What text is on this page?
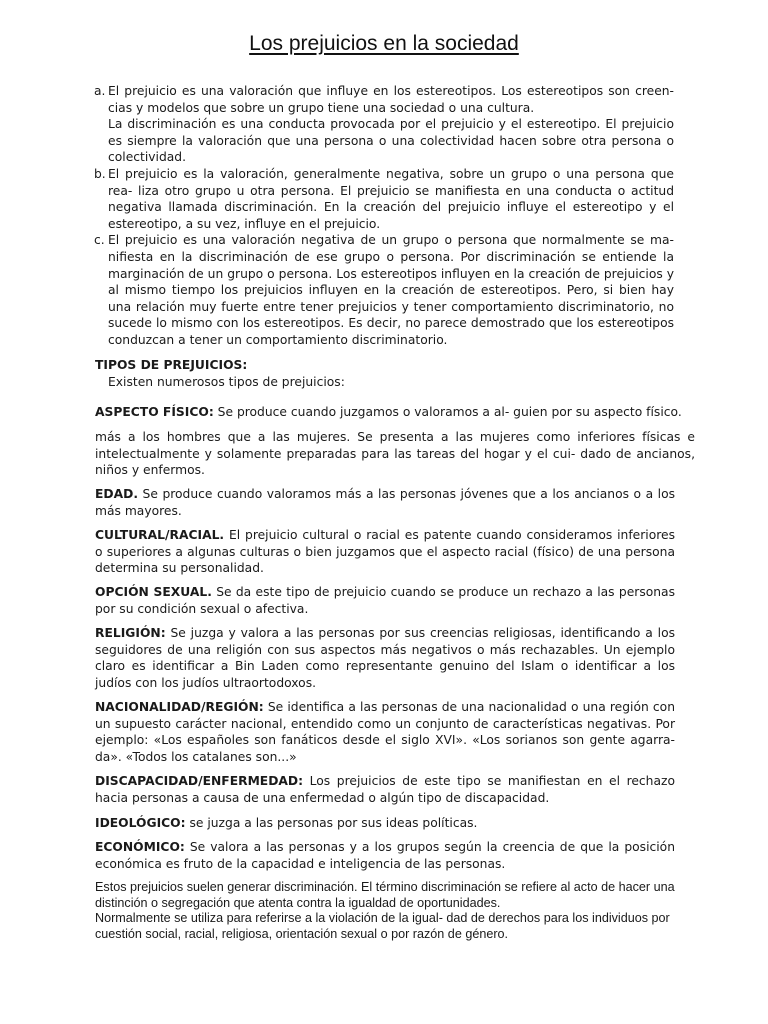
Los prejuicios en la sociedad
a. El prejuicio es una valoración que influye en los estereotipos. Los estereotipos son creen- cias y modelos que sobre un grupo tiene una sociedad o una cultura.

La discriminación es una conducta provocada por el prejuicio y el estereotipo. El prejuicio es siempre la valoración que una persona o una colectividad hacen sobre otra persona o colectividad.

b. El prejuicio es la valoración, generalmente negativa, sobre un grupo o una persona que rea- liza otro grupo u otra persona. El prejuicio se manifiesta en una conducta o actitud negativa llamada discriminación. En la creación del prejuicio influye el estereotipo y el estereotipo, a su vez, influye en el prejuicio.

c. El prejuicio es una valoración negativa de un grupo o persona que normalmente se ma- nifiesta en la discriminación de ese grupo o persona. Por discriminación se entiende la marginación de un grupo o persona. Los estereotipos influyen en la creación de prejuicios y al mismo tiempo los prejuicios influyen en la creación de estereotipos. Pero, si bien hay una relación muy fuerte entre tener prejuicios y tener comportamiento discriminatorio, no sucede lo mismo con los estereotipos. Es decir, no parece demostrado que los estereotipos conduzcan a tener un comportamiento discriminatorio.

TIPOS DE PREJUICIOS:
Existen numerosos tipos de prejuicios:
ASPECTO FÍSICO: Se produce cuando juzgamos o valoramos a al- guien por su aspecto físico.
más a los hombres que a las mujeres. Se presenta a las mujeres como inferiores físicas e intelectualmente y solamente preparadas para las tareas del hogar y el cui- dado de ancianos, niños y enfermos.
EDAD. Se produce cuando valoramos más a las personas jóvenes que a los ancianos o a los más mayores.
CULTURAL/RACIAL. El prejuicio cultural o racial es patente cuando consideramos inferiores o superiores a algunas culturas o bien juzgamos que el aspecto racial (físico) de una persona determina su personalidad.
OPCIÓN SEXUAL. Se da este tipo de prejuicio cuando se produce un rechazo a las personas por su condición sexual o afectiva.
RELIGIÓN: Se juzga y valora a las personas por sus creencias religiosas, identificando a los seguidores de una religión con sus aspectos más negativos o más rechazables. Un ejemplo claro es identificar a Bin Laden como representante genuino del Islam o identificar a los judíos con los judíos ultraortodoxos.
NACIONALIDAD/REGIÓN: Se identifica a las personas de una nacionalidad o una región con un supuesto carácter nacional, entendido como un conjunto de características negativas. Por ejemplo: «Los españoles son fanáticos desde el siglo XVI». «Los sorianos son gente agarra- da». «Todos los catalanes son...»
DISCAPACIDAD/ENFERMEDAD: Los prejuicios de este tipo se manifiestan en el rechazo hacia personas a causa de una enfermedad o algún tipo de discapacidad.
IDEOLÓGICO: se juzga a las personas por sus ideas políticas.
ECONÓMICO: Se valora a las personas y a los grupos según la creencia de que la posición económica es fruto de la capacidad e inteligencia de las personas.

Estos prejuicios suelen generar discriminación. El término discriminación se refiere al acto de hacer una distinción o segregación que atenta contra la igualdad de oportunidades.

Normalmente se utiliza para referirse a la violación de la igual- dad de derechos para los individuos por cuestión social, racial, religiosa, orientación sexual o por razón de género.
